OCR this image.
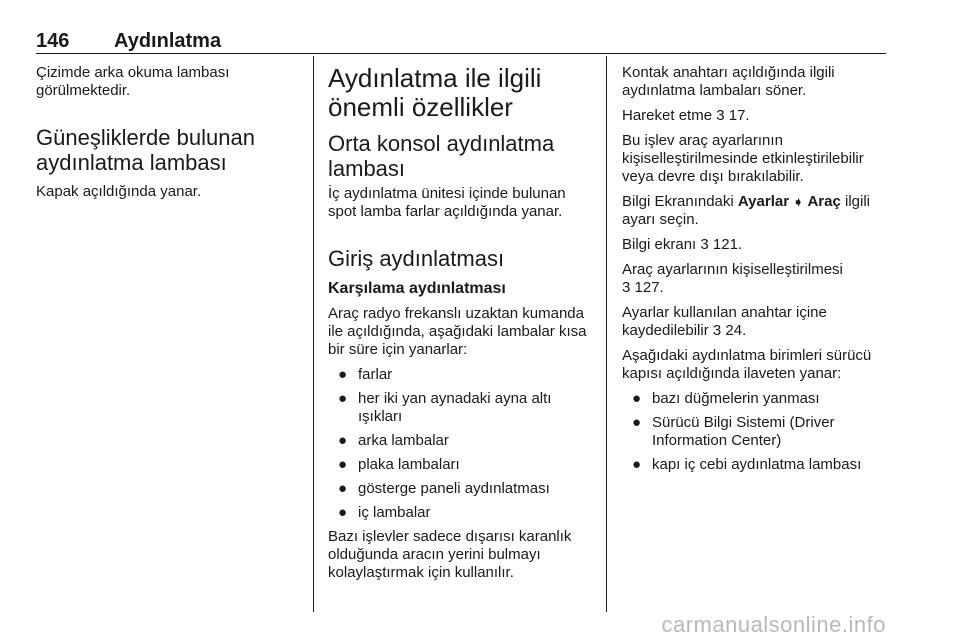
146 Aydınlatma

Çizimde arka okuma lambası görülmektedir.

Güneşliklerde bulunan aydınlatma lambası

Kapak açıldığında yanar.

Aydınlatma ile ilgili önemli özellikler
Orta konsol aydınlatma lambası

İç aydınlatma ünitesi içinde bulunan spot lamba farlar açıldığında yanar.

Giriş aydınlatması
Karşılama aydınlatması

Araç radyo frekanslı uzaktan kumanda ile açıldığında, aşağıdaki lambalar kısa bir süre için yanarlar:

● farlar
● her iki yan aynadaki ayna altı ışıkları
● arka lambalar
● plaka lambaları
● gösterge paneli aydınlatması
● iç lambalar

Bazı işlevler sadece dışarısı karanlık olduğunda aracın yerini bulmayı kolaylaştırmak için kullanılır.

Kontak anahtarı açıldığında ilgili aydınlatma lambaları söner.

Hareket etme 3 17.

Bu işlev araç ayarlarının kişiselleştirilmesinde etkinleştirilebilir veya devre dışı bırakılabilir.

Bilgi Ekranındaki Ayarlar ➧ Araç ilgili ayarı seçin.

Bilgi ekranı 3 121.

Araç ayarlarının kişiselleştirilmesi
3 127.

Ayarlar kullanılan anahtar içine kaydedilebilir 3 24.

Aşağıdaki aydınlatma birimleri sürücü kapısı açıldığında ilaveten yanar:

● bazı düğmelerin yanması
● Sürücü Bilgi Sistemi (Driver Information Center)
● kapı iç cebi aydınlatma lambası
carmanualsonline.info
